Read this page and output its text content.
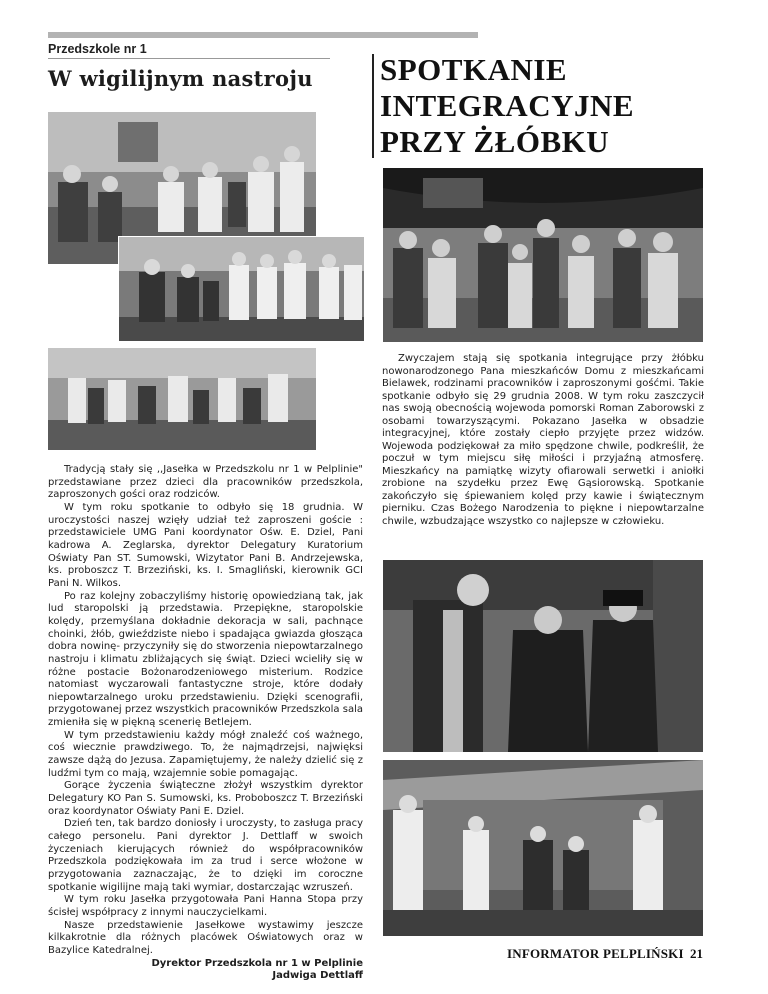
Przedszkole nr 1
W wigilijnym nastroju SPOTKANIE
INTEGRACYJNE
PRZY ŻŁÓBKU

Tradycją stały się ,,Jasełka w Przedszkolu nr 1 w Pelplinie" przedstawiane przez dzieci dla pracowników przedszkola, zaproszonych gości oraz rodziców.

W tym roku spotkanie to odbyło się 18 grudnia. W uroczystości naszej wzięły udział też zaproszeni goście : przedstawiciele UMG Pani koordynator Ośw. E. Dziel, Pani kadrowa A. Zeglarska, dyrektor Delegatury Kuratorium Oświaty Pan ST. Sumowski, Wizytator Pani B. Andrzejewska, ks. proboszcz T. Brzeziński, ks. I. Smagliński, kierownik GCI Pani N. Wilkos.

Po raz kolejny zobaczyliśmy historię opowiedzianą tak, jak lud staropolski ją przedstawia. Przepiękne, staropolskie kolędy, przemyślana dokładnie dekoracja w sali, pachnące choinki, żłób, gwieździste niebo i spadająca gwiazda głosząca dobra nowinę- przyczyniły się do stworzenia niepowtarzalnego nastroju i klimatu zbliżających się świąt. Dzieci wcieliły się w różne postacie Bożonarodzeniowego misterium. Rodzice natomiast wyczarowali fantastyczne stroje, które dodały niepowtarzalnego uroku przedstawieniu. Dzięki scenografii, przygotowanej przez wszystkich pracowników Przedszkola sala zmieniła się w piękną scenerię Betlejem.

W tym przedstawieniu każdy mógł znaleźć coś ważnego, coś wiecznie prawdziwego. To, że najmądrzejsi, najwięksi zawsze dążą do Jezusa. Zapamiętujemy, że należy dzielić się z ludźmi tym co mają, wzajemnie sobie pomagając.

Gorące życzenia świąteczne złożył wszystkim dyrektor Delegatury KO Pan S. Sumowski, ks. Proboboszcz T. Brzeziński oraz koordynator Oświaty Pani E. Dziel.

Dzień ten, tak bardzo doniosły i uroczysty, to zasługa pracy całego personelu. Pani dyrektor J. Dettlaff w swoich życzeniach kierujących również do współpracowników Przedszkola podziękowała im za trud i serce włożone w przygotowania zaznaczając, że to dzięki im coroczne spotkanie wigilijne mają taki wymiar, dostarczając wzruszeń.

W tym roku Jasełka przygotowała Pani Hanna Stopa przy ścisłej współpracy z innymi nauczycielkami.

Nasze przedstawienie Jasełkowe wystawimy jeszcze kilkakrotnie dla różnych placówek Oświatowych oraz w Bazylice Katedralnej.

Dyrektor Przedszkola nr 1 w Pelplinie

Jadwiga Dettlaff

Zwyczajem stają się spotkania integrujące przy żłóbku nowonarodzonego Pana mieszkańców Domu z mieszkańcami Bielawek, rodzinami pracowników i zaproszonymi gośćmi. Takie spotkanie odbyło się 29 grudnia 2008. W tym roku zaszczycił nas swoją obecnością wojewoda pomorski Roman Zaborowski z osobami towarzyszącymi. Pokazano Jasełka w obsadzie integracyjnej, które zostały ciepło przyjęte przez widzów. Wojewoda podziękował za miło spędzone chwile, podkreślił, że poczuł w tym miejscu siłę miłości i przyjaźną atmosferę. Mieszkańcy na pamiątkę wizyty ofiarowali serwetki i aniołki zrobione na szydełku przez Ewę Gąsiorowską. Spotkanie zakończyło się śpiewaniem kolęd przy kawie i świątecznym pierniku. Czas Bożego Narodzenia to piękne i niepowtarzalne chwile, wzbudzające wszystko co najlepsze w człowieku.

INFORMATOR PELPLIŃSKI 21
